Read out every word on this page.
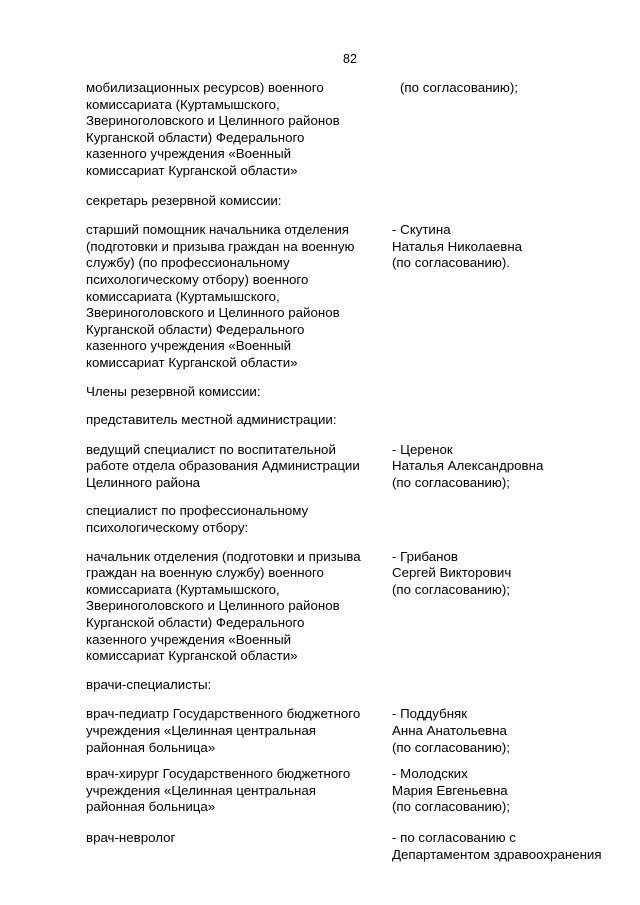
82
мобилизационных ресурсов) военного
комиссариата (Куртамышского,
Звериноголовского и Целинного районов
Курганской области) Федерального
казенного учреждения «Военный
комиссариат Курганской области»
(по согласованию);
секретарь резервной комиссии:
старший помощник начальника отделения
(подготовки и призыва граждан на военную
службу) (по профессиональному
психологическому отбору) военного
комиссариата (Куртамышского,
Звериноголовского и Целинного районов
Курганской области) Федерального
казенного учреждения «Военный
комиссариат Курганской области»
- Скутина
Наталья Николаевна
(по согласованию).
Члены резервной комиссии:
представитель местной администрации:
ведущий специалист по воспитательной
работе отдела образования Администрации
Целинного района
- Церенок
Наталья Александровна
(по согласованию);
специалист по профессиональному
психологическому отбору:
начальник отделения (подготовки и призыва
граждан на военную службу) военного
комиссариата (Куртамышского,
Звериноголовского и Целинного районов
Курганской области) Федерального
казенного учреждения «Военный
комиссариат Курганской области»
- Грибанов
Сергей Викторович
(по согласованию);
врачи-специалисты:
врач-педиатр Государственного бюджетного
учреждения «Целинная центральная
районная больница»
- Поддубняк
Анна Анатольевна
(по согласованию);
врач-хирург Государственного бюджетного
учреждения «Целинная центральная
районная больница»
- Молодских
Мария Евгеньевна
(по согласованию);
врач-невролог	- по согласованию с
Департаментом здравоохранения
